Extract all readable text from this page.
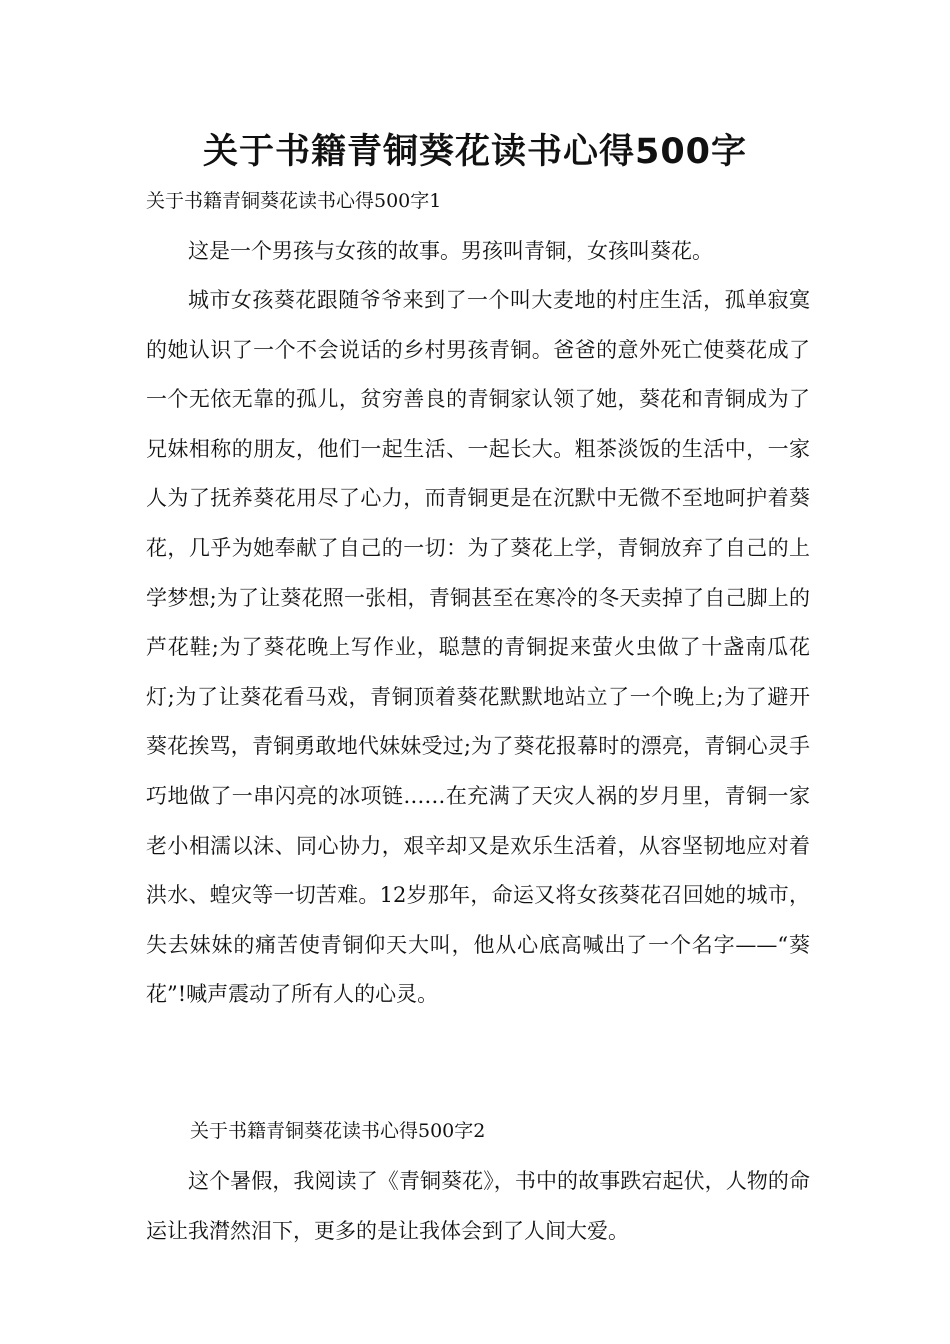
关于书籍青铜葵花读书心得500字
关于书籍青铜葵花读书心得500字1

这是一个男孩与女孩的故事。男孩叫青铜，女孩叫葵花。

城市女孩葵花跟随爷爷来到了一个叫大麦地的村庄生活，孤单寂寞的她认识了一个不会说话的乡村男孩青铜。爸爸的意外死亡使葵花成了一个无依无靠的孤儿，贫穷善良的青铜家认领了她，葵花和青铜成为了兄妹相称的朋友，他们一起生活、一起长大。粗茶淡饭的生活中，一家人为了抚养葵花用尽了心力，而青铜更是在沉默中无微不至地呵护着葵花，几乎为她奉献了自己的一切：为了葵花上学，青铜放弃了自己的上学梦想;为了让葵花照一张相，青铜甚至在寒冷的冬天卖掉了自己脚上的芦花鞋;为了葵花晚上写作业，聪慧的青铜捉来萤火虫做了十盏南瓜花灯;为了让葵花看马戏，青铜顶着葵花默默地站立了一个晚上;为了避开葵花挨骂，青铜勇敢地代妹妹受过;为了葵花报幕时的漂亮，青铜心灵手巧地做了一串闪亮的冰项链……在充满了天灾人祸的岁月里，青铜一家老小相濡以沫、同心协力，艰辛却又是欢乐生活着，从容坚韧地应对着洪水、蝗灾等一切苦难。12岁那年，命运又将女孩葵花召回她的城市，失去妹妹的痛苦使青铜仰天大叫，他从心底高喊出了一个名字——“葵花”!喊声震动了所有人的心灵。

关于书籍青铜葵花读书心得500字2

这个暑假，我阅读了《青铜葵花》，书中的故事跌宕起伏，人物的命运让我潸然泪下，更多的是让我体会到了人间大爱。
